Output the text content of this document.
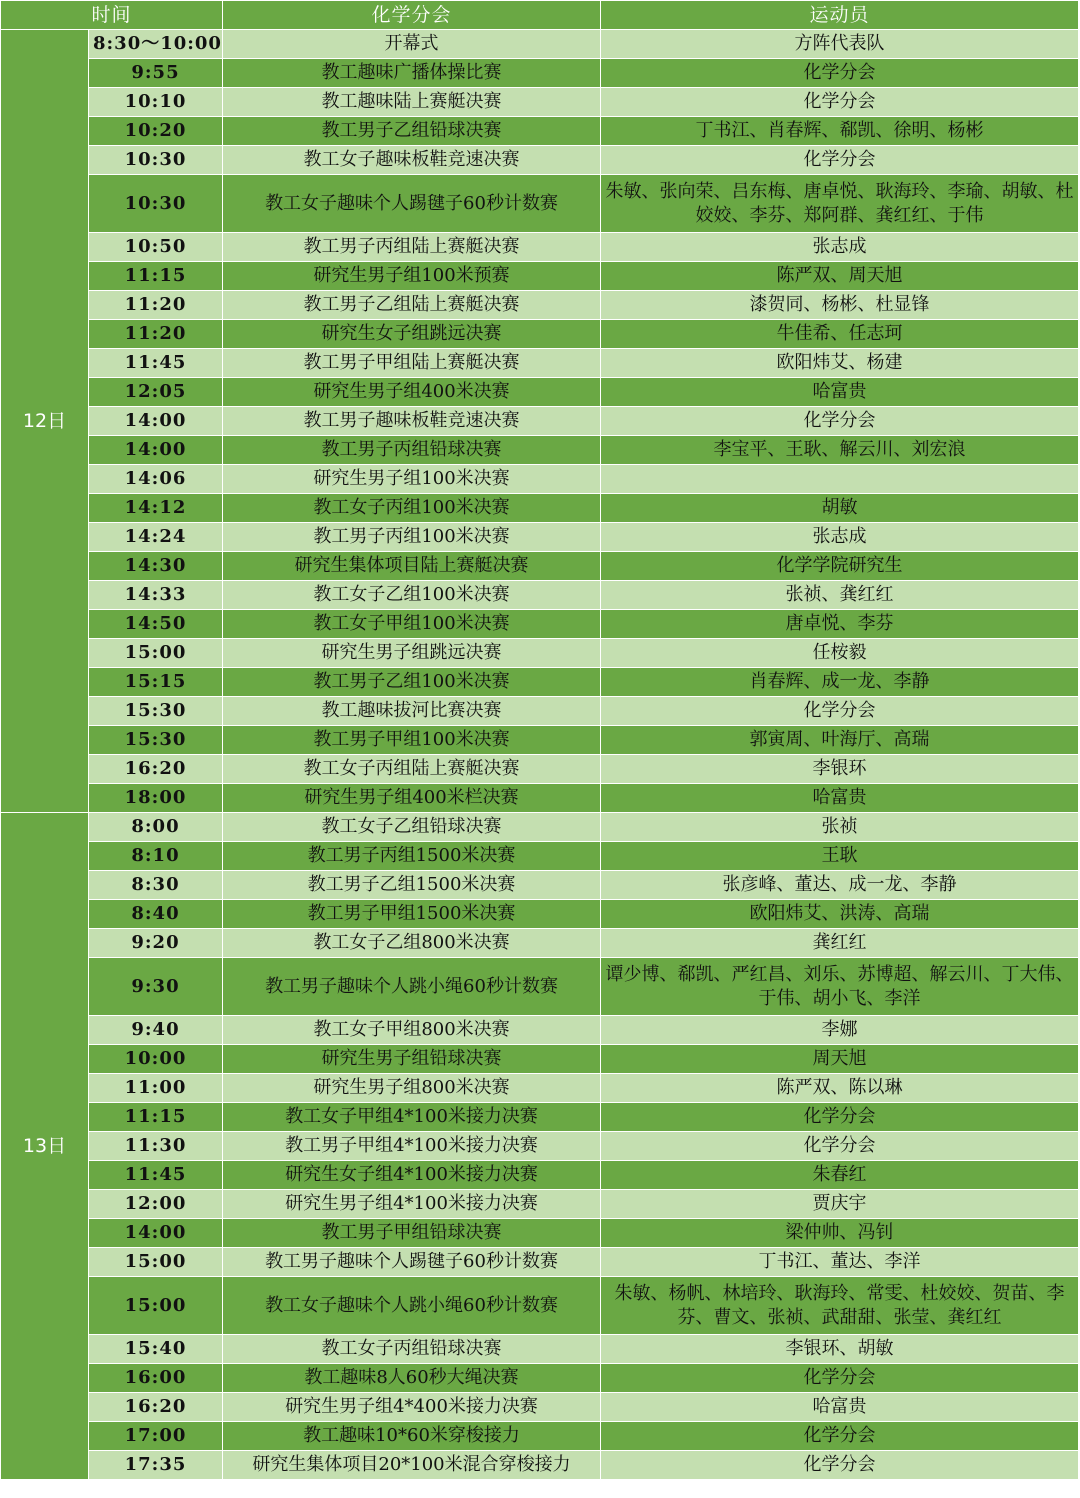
时间		化学分会	运动员
12日	8:30～10:00	开幕式	方阵代表队
	9:55	教工趣味广播体操比赛	化学分会
	10:10	教工趣味陆上赛艇决赛	化学分会
	10:20	教工男子乙组铅球决赛	丁书江、肖春辉、郗凯、徐明、杨彬
	10:30	教工女子趣味板鞋竞速决赛	化学分会
	10:30	教工女子趣味个人踢毽子60秒计数赛	朱敏、张向荣、吕东梅、唐卓悦、耿海玲、李瑜、胡敏、杜姣姣、李芬、郑阿群、龚红红、于伟
	10:50	教工男子丙组陆上赛艇决赛	张志成
	11:15	研究生男子组100米预赛	陈严双、周天旭
	11:20	教工男子乙组陆上赛艇决赛	漆贺同、杨彬、杜显锋
	11:20	研究生女子组跳远决赛	牛佳希、任志珂
	11:45	教工男子甲组陆上赛艇决赛	欧阳炜艾、杨建
	12:05	研究生男子组400米决赛	哈富贵
	14:00	教工男子趣味板鞋竞速决赛	化学分会
	14:00	教工男子丙组铅球决赛	李宝平、王耿、解云川、刘宏浪
	14:06	研究生男子组100米决赛	
	14:12	教工女子丙组100米决赛	胡敏
	14:24	教工男子丙组100米决赛	张志成
	14:30	研究生集体项目陆上赛艇决赛	化学学院研究生
	14:33	教工女子乙组100米决赛	张祯、龚红红
	14:50	教工女子甲组100米决赛	唐卓悦、李芬
	15:00	研究生男子组跳远决赛	任桉毅
	15:15	教工男子乙组100米决赛	肖春辉、成一龙、李静
	15:30	教工趣味拔河比赛决赛	化学分会
	15:30	教工男子甲组100米决赛	郭寅周、叶海厅、高瑞
	16:20	教工女子丙组陆上赛艇决赛	李银环
	18:00	研究生男子组400米栏决赛	哈富贵
13日	8:00	教工女子乙组铅球决赛	张祯
	8:10	教工男子丙组1500米决赛	王耿
	8:30	教工男子乙组1500米决赛	张彦峰、董达、成一龙、李静
	8:40	教工男子甲组1500米决赛	欧阳炜艾、洪涛、高瑞
	9:20	教工女子乙组800米决赛	龚红红
	9:30	教工男子趣味个人跳小绳60秒计数赛	谭少博、郗凯、严红昌、刘乐、苏博超、解云川、丁大伟、于伟、胡小飞、李洋
	9:40	教工女子甲组800米决赛	李娜
	10:00	研究生男子组铅球决赛	周天旭
	11:00	研究生男子组800米决赛	陈严双、陈以琳
	11:15	教工女子甲组4*100米接力决赛	化学分会
	11:30	教工男子甲组4*100米接力决赛	化学分会
	11:45	研究生女子组4*100米接力决赛	朱春红
	12:00	研究生男子组4*100米接力决赛	贾庆宇
	14:00	教工男子甲组铅球决赛	梁仲帅、冯钊
	15:00	教工男子趣味个人踢毽子60秒计数赛	丁书江、董达、李洋
	15:00	教工女子趣味个人跳小绳60秒计数赛	朱敏、杨帆、林培玲、耿海玲、常雯、杜姣姣、贺苗、李芬、曹文、张祯、武甜甜、张莹、龚红红
	15:40	教工女子丙组铅球决赛	李银环、胡敏
	16:00	教工趣味8人60秒大绳决赛	化学分会
	16:20	研究生男子组4*400米接力决赛	哈富贵
	17:00	教工趣味10*60米穿梭接力	化学分会
	17:35	研究生集体项目20*100米混合穿梭接力	化学分会
